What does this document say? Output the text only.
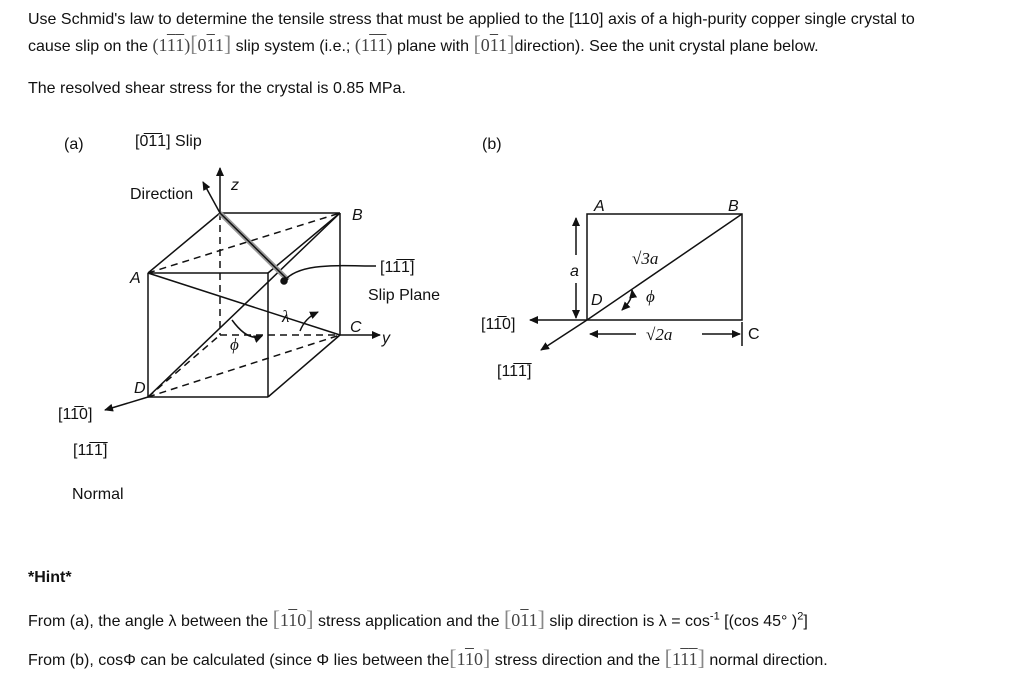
Use Schmid's law to determine the tensile stress that must be applied to the [110] axis of a high-purity copper single crystal to

cause slip on the (111)[011] slip system (i.e.; (111) plane with [011]direction). See the unit crystal plane below.

The resolved shear stress for the crystal is 0.85 MPa.
(a)	[0̅1̅1] Slip
Direction
z
B
A
C
y
D
[11̅1̅]
Slip Plane
λ
ϕ
[11̅0]
[11̅1̅]
Normal
(b)
A	B
C
D
a
√3a
√2a
ϕ
[11̅0]
[11̅1̅]
*Hint*
From (a), the angle λ between the [110] stress application and the [011] slip direction is $\lambda = \cos^{-1} [(\cos$ 45° )$^2$]
From (b), cosΦ can be calculated (since Φ lies between the[110] stress direction and the [111] normal direction.
